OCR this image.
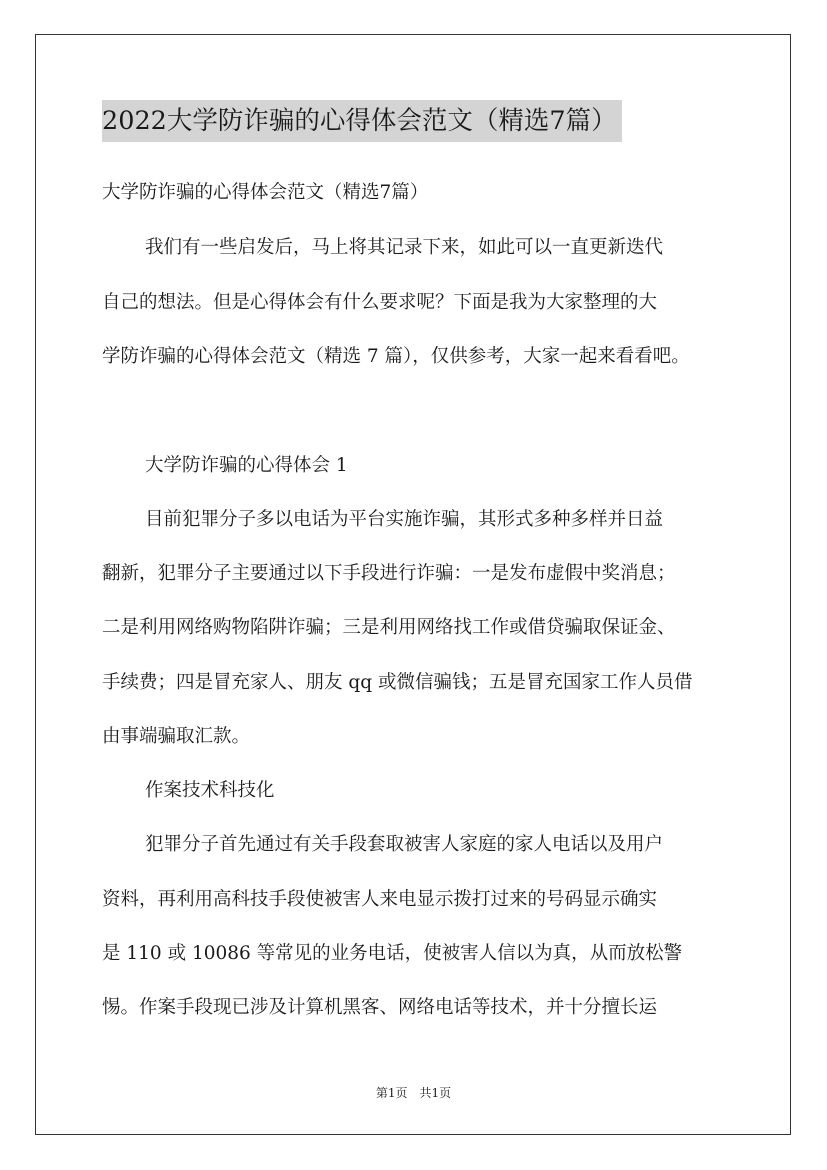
2022大学防诈骗的心得体会范文（精选7篇）
大学防诈骗的心得体会范文（精选7篇）
我们有一些启发后，马上将其记录下来，如此可以一直更新迭代
自己的想法。但是心得体会有什么要求呢？下面是我为大家整理的大
学防诈骗的心得体会范文（精选 7 篇），仅供参考，大家一起来看看吧。
大学防诈骗的心得体会 1
目前犯罪分子多以电话为平台实施诈骗，其形式多种多样并日益
翻新，犯罪分子主要通过以下手段进行诈骗：一是发布虚假中奖消息；
二是利用网络购物陷阱诈骗；三是利用网络找工作或借贷骗取保证金、
手续费；四是冒充家人、朋友 qq 或微信骗钱；五是冒充国家工作人员借
由事端骗取汇款。
作案技术科技化
犯罪分子首先通过有关手段套取被害人家庭的家人电话以及用户
资料，再利用高科技手段使被害人来电显示拨打过来的号码显示确实
是 110 或 10086 等常见的业务电话，使被害人信以为真，从而放松警
惕。作案手段现已涉及计算机黑客、网络电话等技术，并十分擅长运
第1页 共1页
